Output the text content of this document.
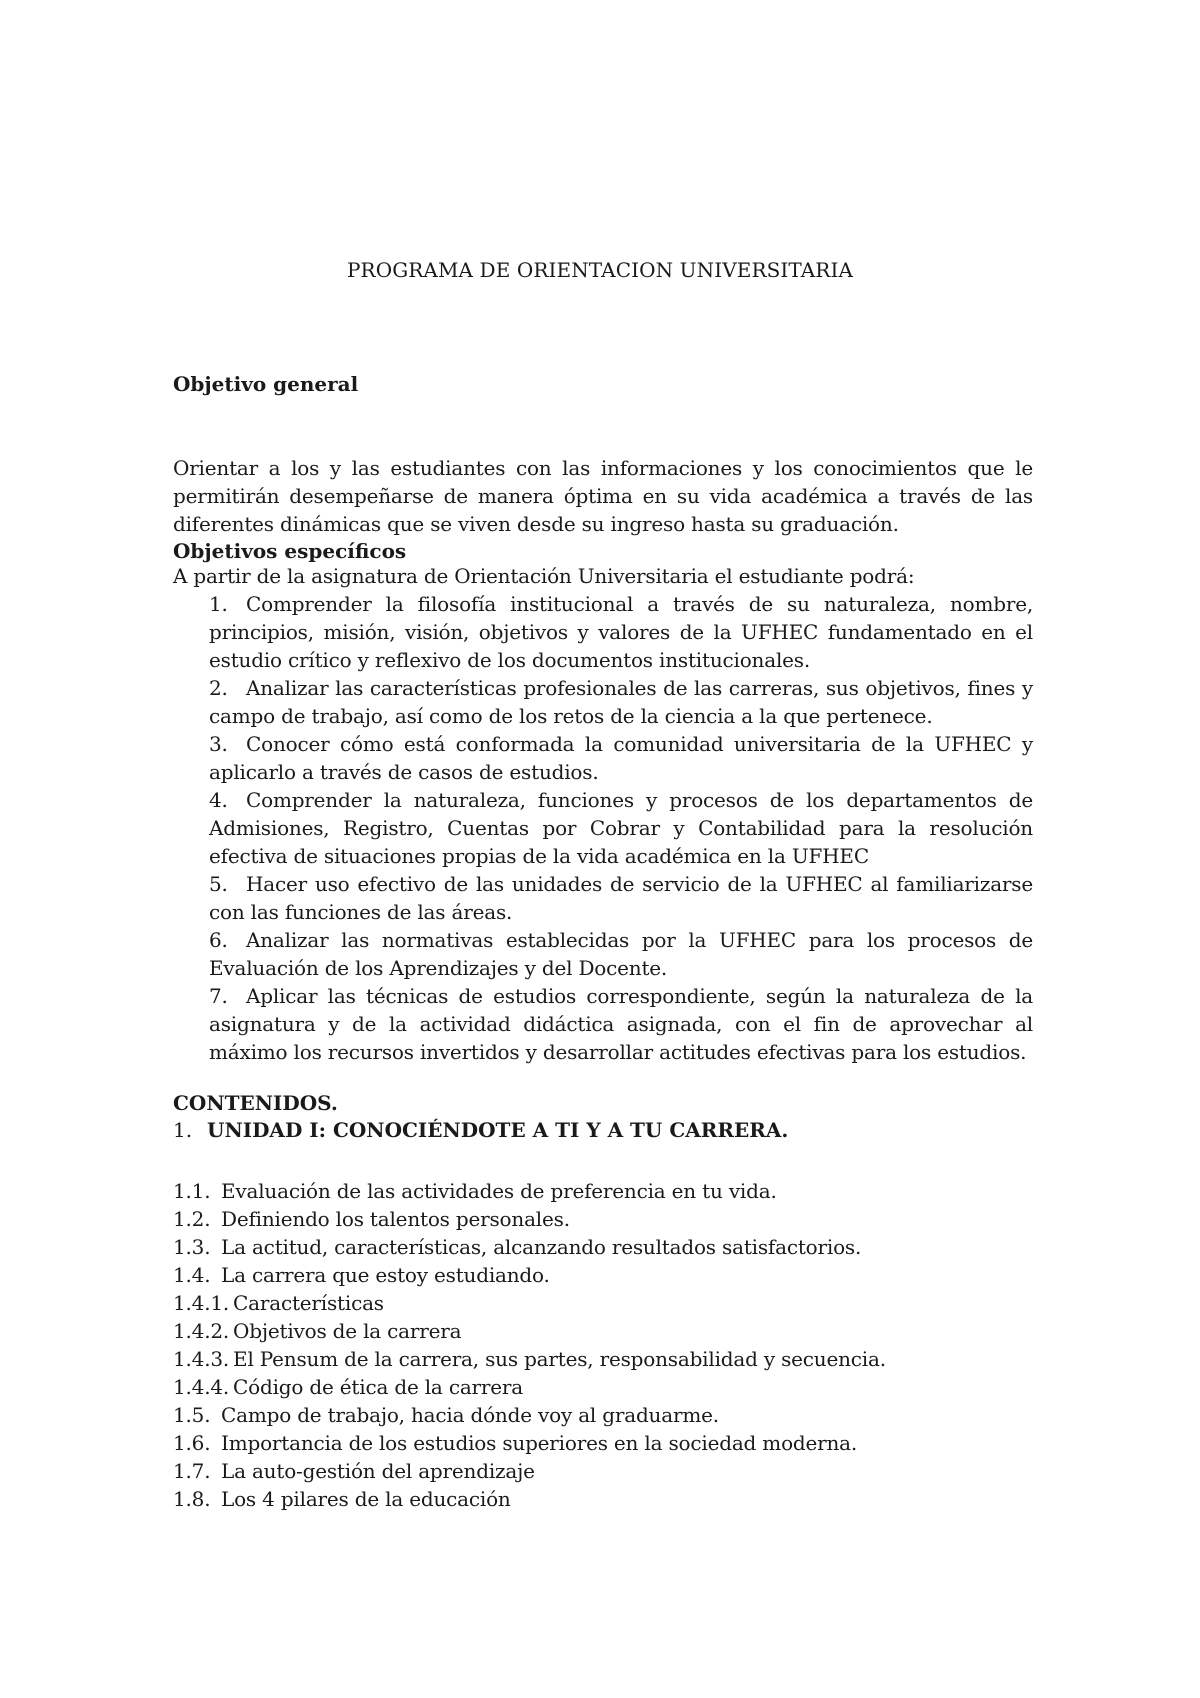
PROGRAMA DE ORIENTACION UNIVERSITARIA
Objetivo general
Orientar a los y las estudiantes con las informaciones y los conocimientos que le
permitirán desempeñarse de manera óptima en su vida académica a través de las
diferentes dinámicas que se viven desde su ingreso hasta su graduación.
Objetivos específicos
A partir de la asignatura de Orientación Universitaria el estudiante podrá:
1. Comprender la filosofía institucional a través de su naturaleza, nombre, principios, misión, visión, objetivos y valores de la UFHEC fundamentado en el estudio crítico y reflexivo de los documentos institucionales.
2. Analizar las características profesionales de las carreras, sus objetivos, fines y campo de trabajo, así como de los retos de la ciencia a la que pertenece.
3. Conocer cómo está conformada la comunidad universitaria de la UFHEC y aplicarlo a través de casos de estudios.
4. Comprender la naturaleza, funciones y procesos de los departamentos de Admisiones, Registro, Cuentas por Cobrar y Contabilidad para la resolución efectiva de situaciones propias de la vida académica en la UFHEC
5. Hacer uso efectivo de las unidades de servicio de la UFHEC al familiarizarse con las funciones de las áreas.
6. Analizar las normativas establecidas por la UFHEC para los procesos de Evaluación de los Aprendizajes y del Docente.
7. Aplicar las técnicas de estudios correspondiente, según la naturaleza de la asignatura y de la actividad didáctica asignada, con el fin de aprovechar al máximo los recursos invertidos y desarrollar actitudes efectivas para los estudios.
CONTENIDOS.
1. UNIDAD I: CONOCIÉNDOTE A TI Y A TU CARRERA.
1.1. Evaluación de las actividades de preferencia en tu vida.
1.2. Definiendo los talentos personales.
1.3. La actitud, características, alcanzando resultados satisfactorios.
1.4. La carrera que estoy estudiando.
1.4.1. Características
1.4.2. Objetivos de la carrera
1.4.3. El Pensum de la carrera, sus partes, responsabilidad y secuencia.
1.4.4. Código de ética de la carrera
1.5. Campo de trabajo, hacia dónde voy al graduarme.
1.6. Importancia de los estudios superiores en la sociedad moderna.
1.7. La auto-gestión del aprendizaje
1.8. Los 4 pilares de la educación
